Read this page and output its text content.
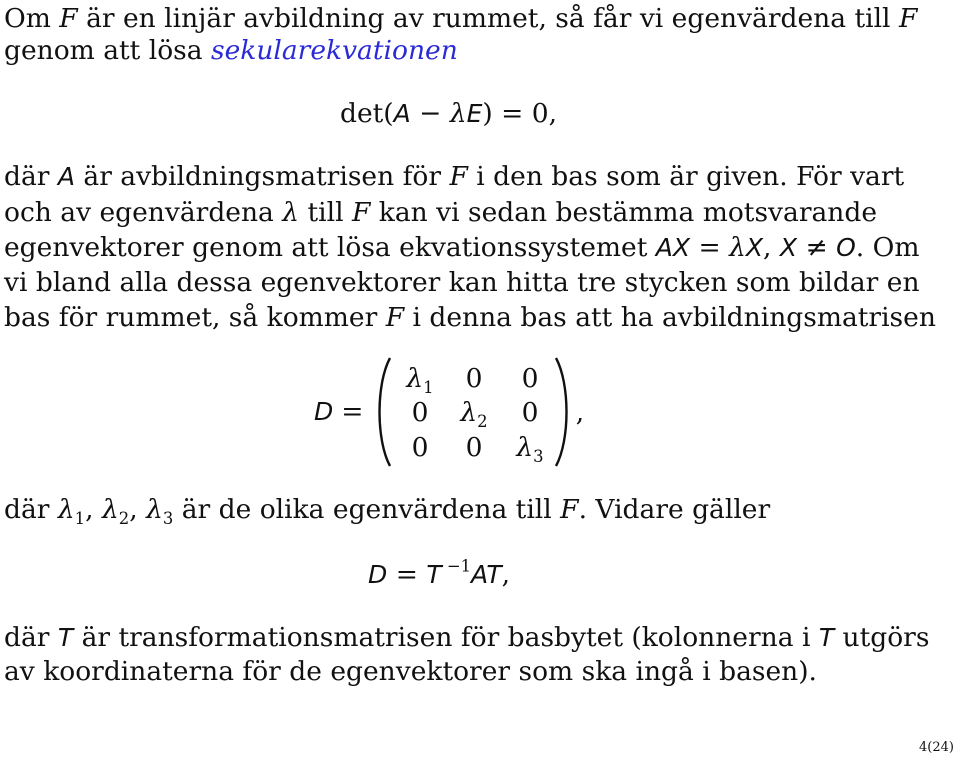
Om F är en linjär avbildning av rummet, så får vi egenvärdena till F
genom att lösa sekularekvationen
det(A − λE) = 0,
där A är avbildningsmatrisen för F i den bas som är given. För vart
och av egenvärdena λ till F kan vi sedan bestämma motsvarande
egenvektorer genom att lösa ekvationssystemet AX = λX, X ≠ O. Om
vi bland alla dessa egenvektorer kan hitta tre stycken som bildar en
bas för rummet, så kommer F i denna bas att ha avbildningsmatrisen
D =
$\lambda_1$	0	0
0	$\lambda_2$	0
0	0	$\lambda_3$
,
där $\lambda_1$, $\lambda_2$, $\lambda_3$ är de olika egenvärdena till F. Vidare gäller
D = T $^{-1}$AT,
där T är transformationsmatrisen för basbytet (kolonnerna i T utgörs
av koordinaterna för de egenvektorer som ska ingå i basen).
4(24)
